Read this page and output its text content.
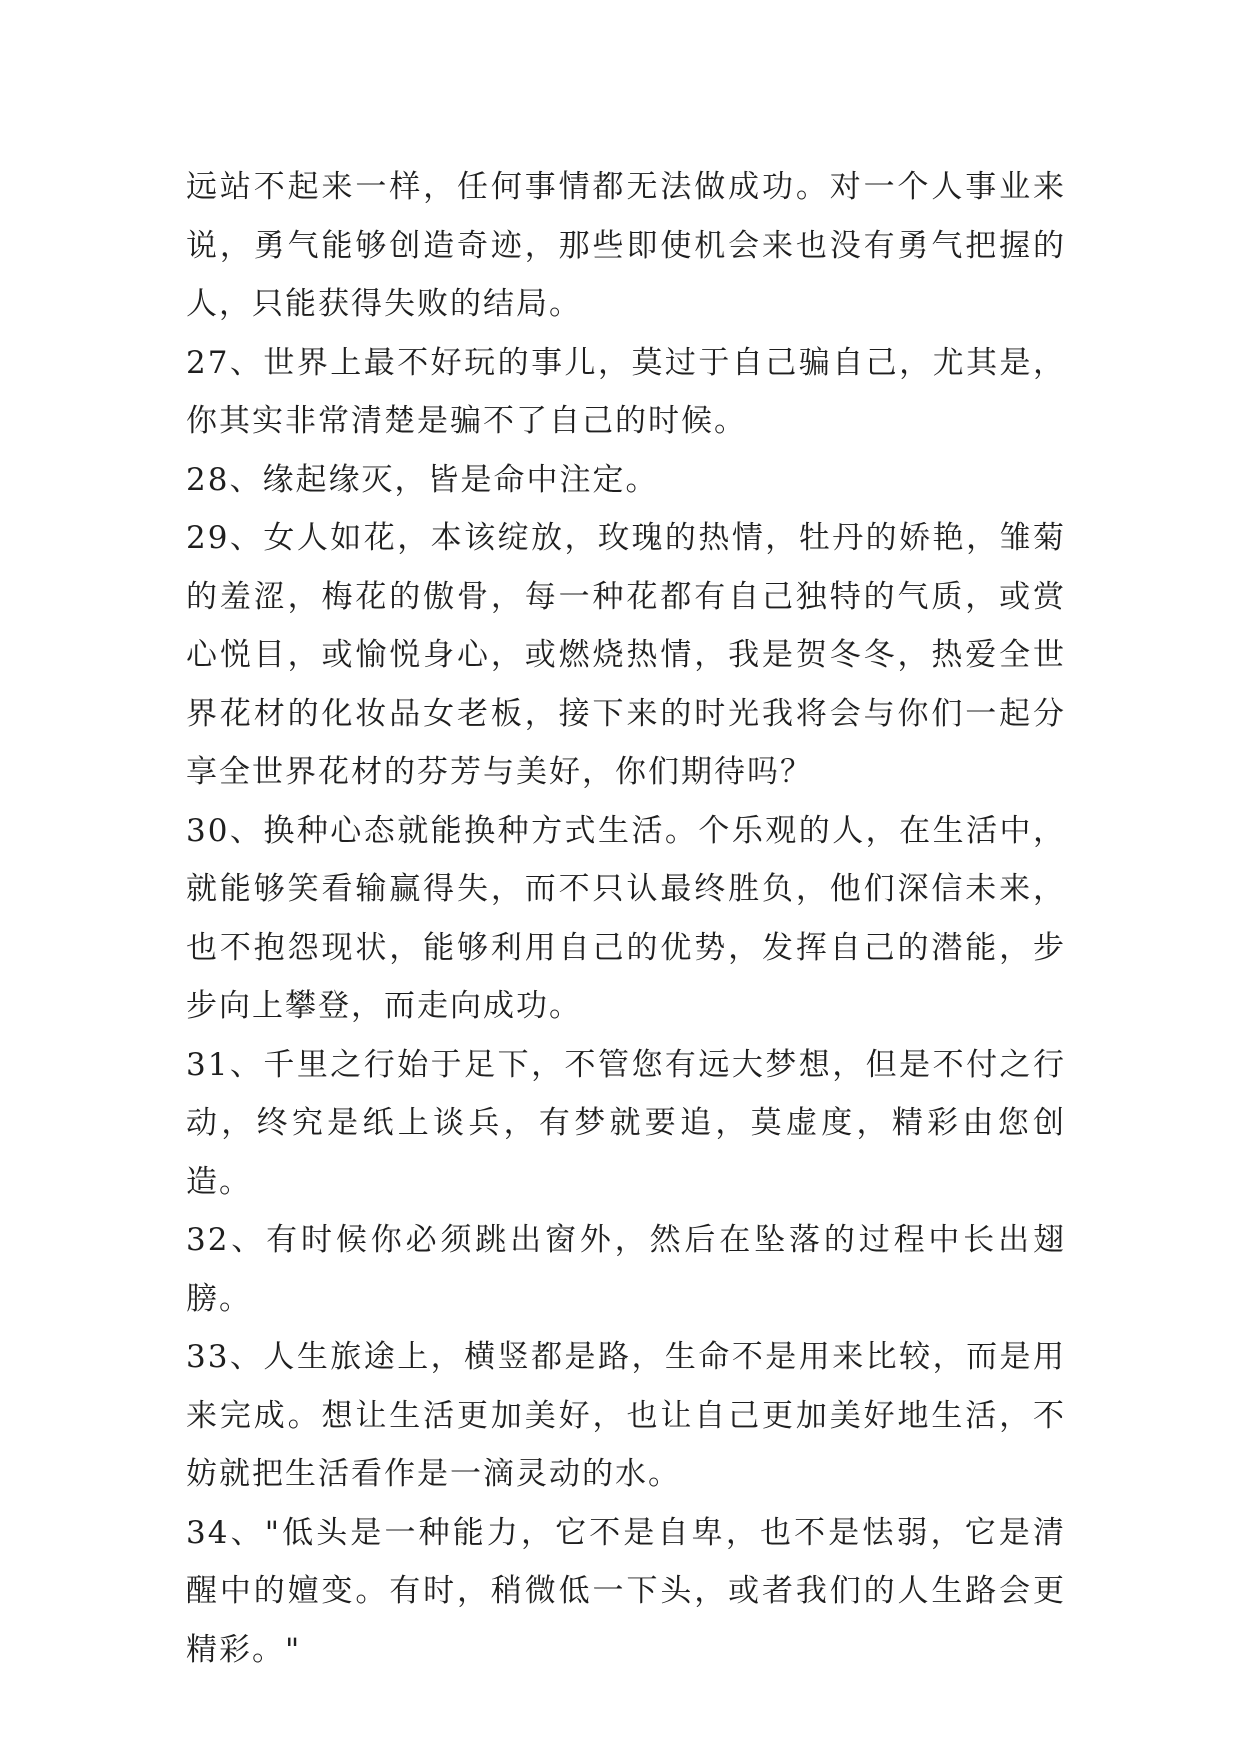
远站不起来一样，任何事情都无法做成功。对一个人事业来说，勇气能够创造奇迹，那些即使机会来也没有勇气把握的人，只能获得失败的结局。

27、世界上最不好玩的事儿，莫过于自己骗自己，尤其是，你其实非常清楚是骗不了自己的时候。

28、缘起缘灭，皆是命中注定。

29、女人如花，本该绽放，玫瑰的热情，牡丹的娇艳，雏菊的羞涩，梅花的傲骨，每一种花都有自己独特的气质，或赏心悦目，或愉悦身心，或燃烧热情，我是贺冬冬，热爱全世界花材的化妆品女老板，接下来的时光我将会与你们一起分享全世界花材的芬芳与美好，你们期待吗？

30、换种心态就能换种方式生活。个乐观的人，在生活中，就能够笑看输赢得失，而不只认最终胜负，他们深信未来，也不抱怨现状，能够利用自己的优势，发挥自己的潜能，步步向上攀登，而走向成功。

31、千里之行始于足下，不管您有远大梦想，但是不付之行动，终究是纸上谈兵，有梦就要追，莫虚度，精彩由您创造。

32、有时候你必须跳出窗外，然后在坠落的过程中长出翅膀。

33、人生旅途上，横竖都是路，生命不是用来比较，而是用来完成。想让生活更加美好，也让自己更加美好地生活，不妨就把生活看作是一滴灵动的水。

34、"低头是一种能力，它不是自卑，也不是怯弱，它是清醒中的嬗变。有时，稍微低一下头，或者我们的人生路会更精彩。"
